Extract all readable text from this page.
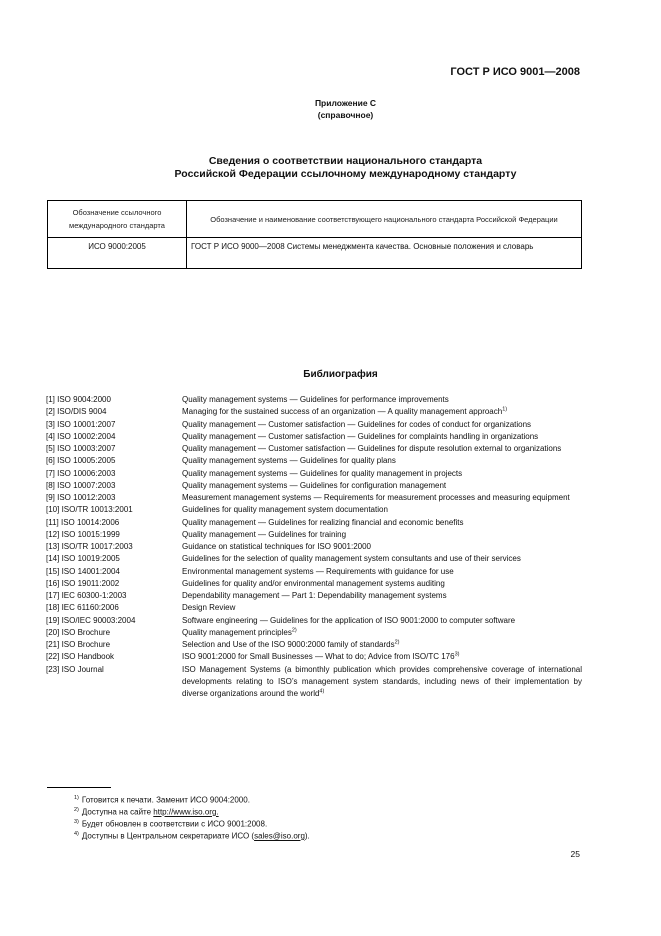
ГОСТ Р ИСО 9001—2008
Приложение С
(справочное)
Сведения о соответствии национального стандарта
Российской Федерации ссылочному международному стандарту
Обозначение ссылочного международного стандарта	Обозначение и наименование соответствующего национального стандарта Российской Федерации
ИСО 9000:2005	ГОСТ Р ИСО 9000—2008 Системы менеджмента качества. Основные положения и словарь
Библиография
[1] ISO 9004:2000	Quality management systems — Guidelines for performance improvements
[2] ISO/DIS 9004	Managing for the sustained success of an organization — A quality management approach$^{1)}$
[3] ISO 10001:2007	Quality management — Customer satisfaction — Guidelines for codes of conduct for organizations
[4] ISO 10002:2004	Quality management — Customer satisfaction — Guidelines for complaints handling in organizations
[5] ISO 10003:2007	Quality management — Customer satisfaction — Guidelines for dispute resolution external to organizations
[6] ISO 10005:2005	Quality management systems — Guidelines for quality plans
[7] ISO 10006:2003	Quality management systems — Guidelines for quality management in projects
[8] ISO 10007:2003	Quality management systems — Guidelines for configuration management
[9] ISO 10012:2003	Measurement management systems — Requirements for measurement processes and measuring equipment
[10] ISO/TR 10013:2001	Guidelines for quality management system documentation
[11] ISO 10014:2006	Quality management — Guidelines for realizing financial and economic benefits
[12] ISO 10015:1999	Quality management — Guidelines for training
[13] ISO/TR 10017:2003	Guidance on statistical techniques for ISO 9001:2000
[14] ISO 10019:2005	Guidelines for the selection of quality management system consultants and use of their services
[15] ISO 14001:2004	Environmental management systems — Requirements with guidance for use
[16] ISO 19011:2002	Guidelines for quality and/or environmental management systems auditing
[17] IEC 60300-1:2003	Dependability management — Part 1: Dependability management systems
[18] IEC 61160:2006	Design Review
[19] ISO/IEC 90003:2004	Software engineering — Guidelines for the application of ISO 9001:2000 to computer software
[20] ISO Brochure	Quality management principles$^{2)}$
[21] ISO Brochure	Selection and Use of the ISO 9000:2000 family of standards$^{2)}$
[22] ISO Handbook	ISO 9001:2000 for Small Businesses — What to do; Advice from ISO/TC 176$^{3)}$
[23] ISO Journal	ISO Management Systems (a bimonthly publication which provides comprehensive coverage of international developments relating to ISO’s management system standards, including news of their implementation by diverse organizations around the world$^{4)}$
$^{1)}$ Готовится к печати. Заменит ИСО 9004:2000.
$^{2)}$ Доступна на сайте http://www.iso.org.
$^{3)}$ Будет обновлен в соответствии с ИСО 9001:2008.
$^{4)}$ Доступны в Центральном секретариате ИСО (sales@iso.org).
25
